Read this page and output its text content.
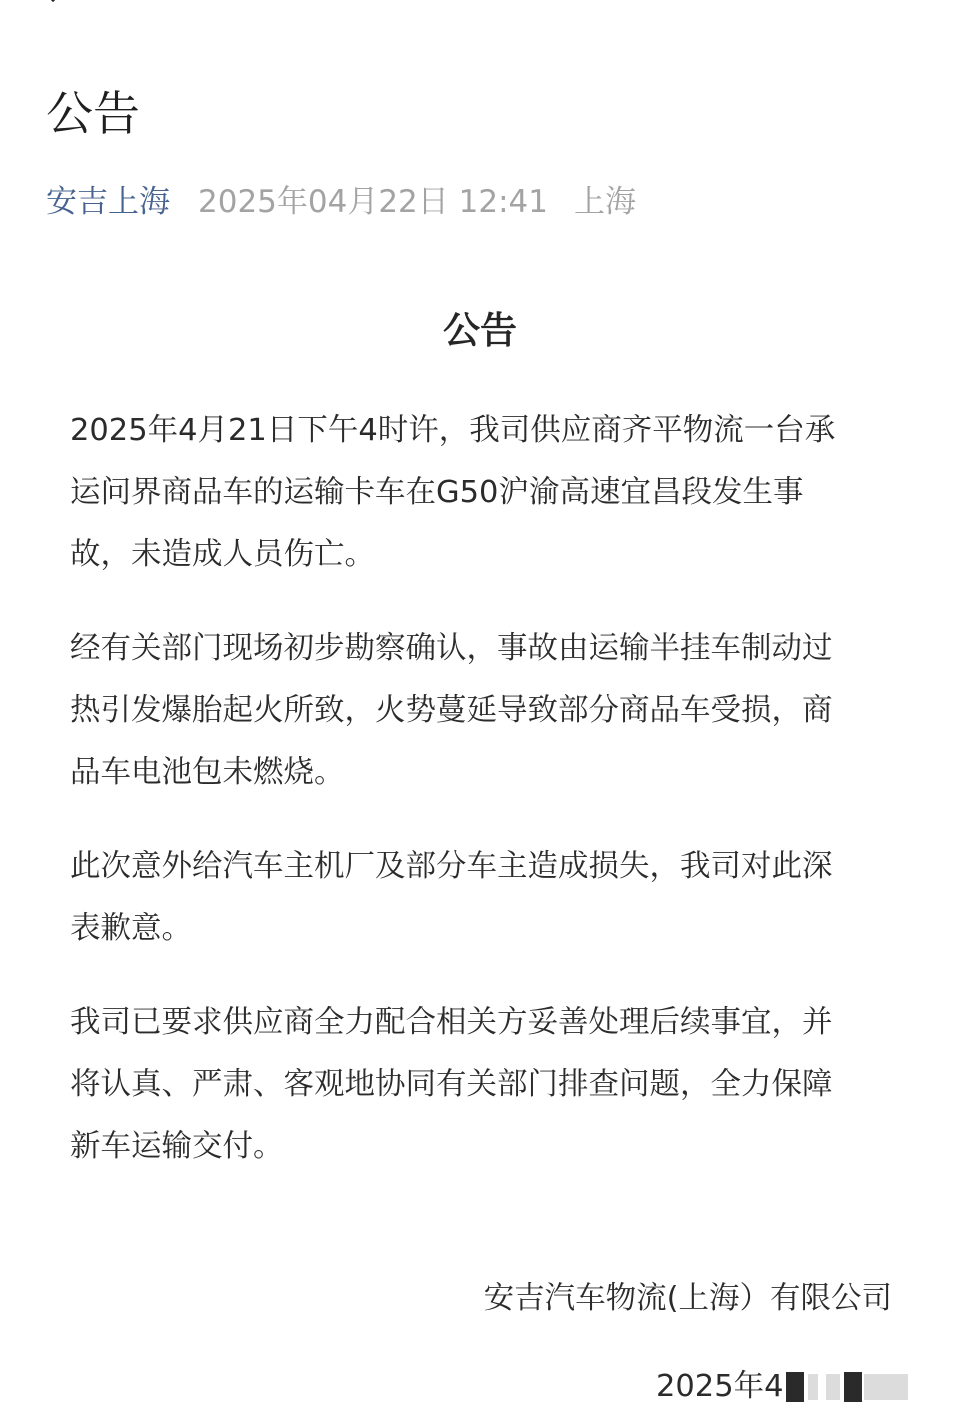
公告
安吉上海 2025年04月22日 12:41 上海
公告
2025年4月21日下午4时许，我司供应商齐平物流一台承
运问界商品车的运输卡车在G50沪渝高速宜昌段发生事
故，未造成人员伤亡。
经有关部门现场初步勘察确认，事故由运输半挂车制动过
热引发爆胎起火所致，火势蔓延导致部分商品车受损，商
品车电池包未燃烧。
此次意外给汽车主机厂及部分车主造成损失，我司对此深
表歉意。
我司已要求供应商全力配合相关方妥善处理后续事宜，并
将认真、严肃、客观地协同有关部门排查问题，全力保障
新车运输交付。
安吉汽车物流(上海）有限公司
2025年4
